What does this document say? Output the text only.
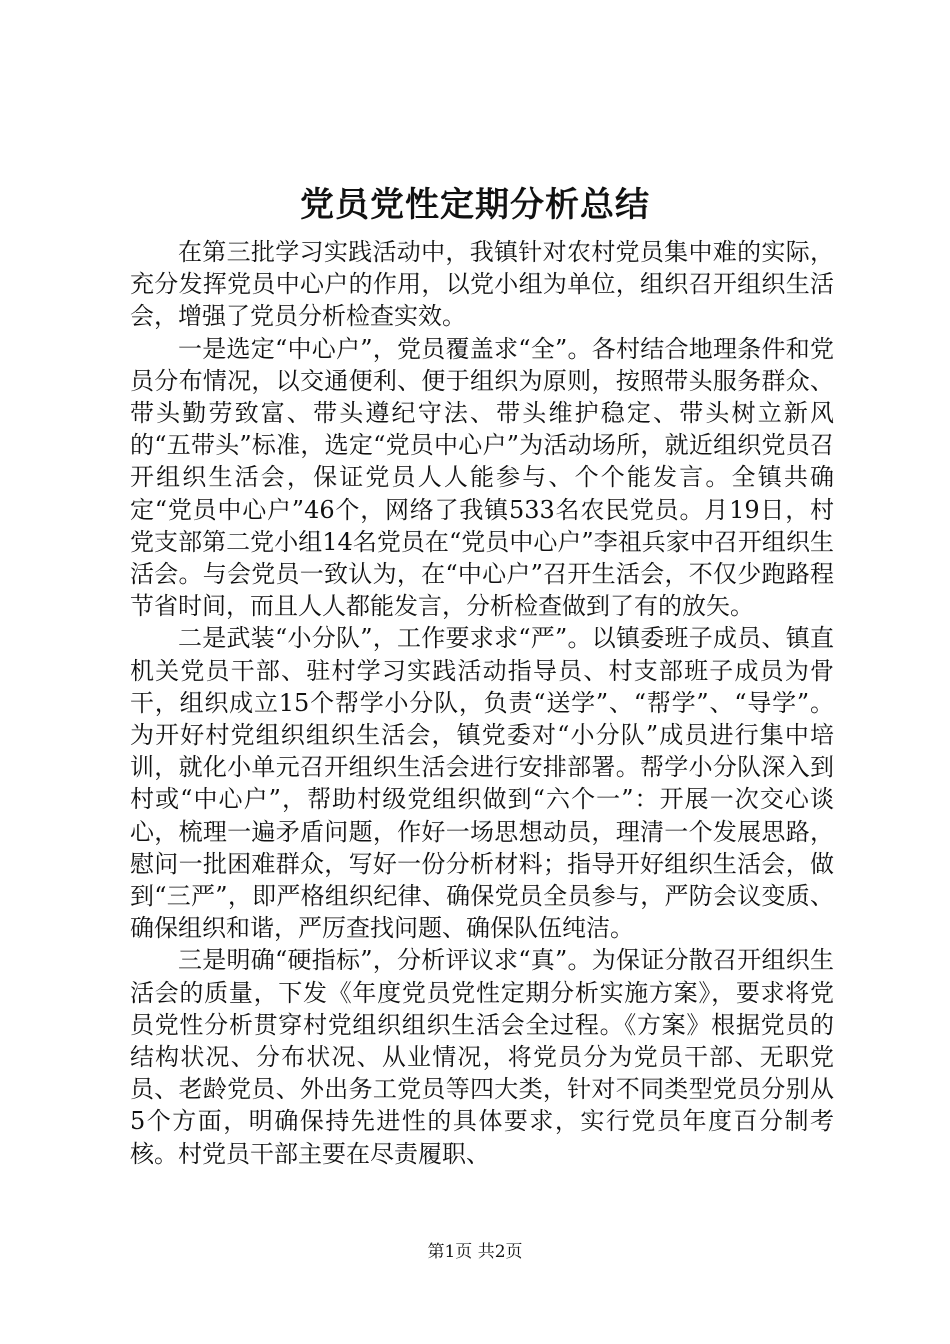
党员党性定期分析总结

在第三批学习实践活动中，我镇针对农村党员集中难的实际，充分发挥党员中心户的作用，以党小组为单位，组织召开组织生活会，增强了党员分析检查实效。

一是选定“中心户”，党员覆盖求“全”。各村结合地理条件和党员分布情况，以交通便利、便于组织为原则，按照带头服务群众、带头勤劳致富、带头遵纪守法、带头维护稳定、带头树立新风的“五带头”标准，选定“党员中心户”为活动场所，就近组织党员召开组织生活会，保证党员人人能参与、个个能发言。全镇共确定“党员中心户”46个，网络了我镇533名农民党员。月19日，村党支部第二党小组14名党员在“党员中心户”李祖兵家中召开组织生活会。与会党员一致认为，在“中心户”召开生活会，不仅少跑路程节省时间，而且人人都能发言，分析检查做到了有的放矢。

二是武装“小分队”，工作要求求“严”。以镇委班子成员、镇直机关党员干部、驻村学习实践活动指导员、村支部班子成员为骨干，组织成立15个帮学小分队，负责“送学”、“帮学”、“导学”。为开好村党组织组织生活会，镇党委对“小分队”成员进行集中培训，就化小单元召开组织生活会进行安排部署。帮学小分队深入到村或“中心户”，帮助村级党组织做到“六个一”：开展一次交心谈心，梳理一遍矛盾问题，作好一场思想动员，理清一个发展思路，慰问一批困难群众，写好一份分析材料；指导开好组织生活会，做到“三严”，即严格组织纪律、确保党员全员参与，严防会议变质、确保组织和谐，严厉查找问题、确保队伍纯洁。

三是明确“硬指标”，分析评议求“真”。为保证分散召开组织生活会的质量，下发《年度党员党性定期分析实施方案》，要求将党员党性分析贯穿村党组织组织生活会全过程。《方案》根据党员的结构状况、分布状况、从业情况，将党员分为党员干部、无职党员、老龄党员、外出务工党员等四大类，针对不同类型党员分别从5个方面，明确保持先进性的具体要求，实行党员年度百分制考核。村党员干部主要在尽责履职、

第1页 共2页
